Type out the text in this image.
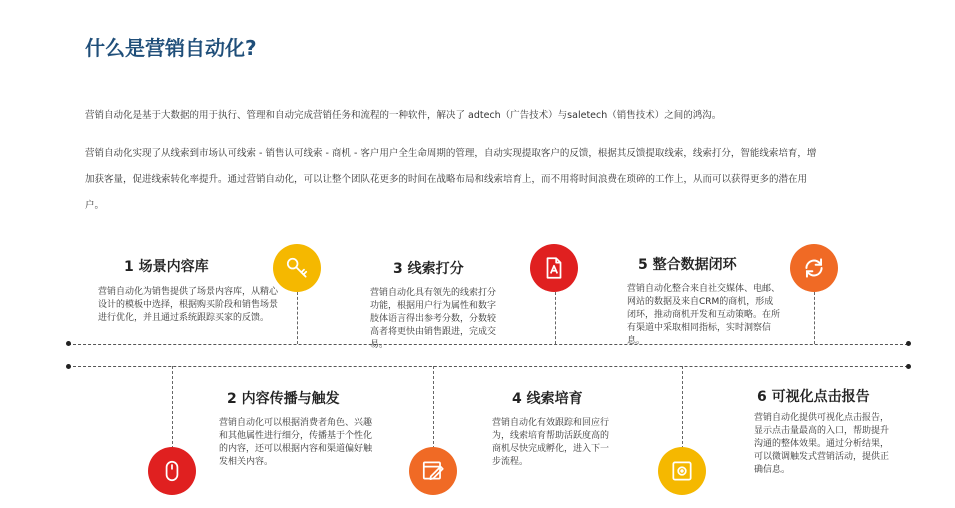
什么是营销自动化?
营销自动化是基于大数据的用于执行、管理和自动完成营销任务和流程的一种软件，解决了 adtech（广告技术）与saletech（销售技术）之间的鸿沟。
营销自动化实现了从线索到市场认可线索 - 销售认可线索 - 商机 - 客户用户全生命周期的管理，自动实现提取客户的反馈，根据其反馈提取线索，线索打分，智能线索培育，增加获客量，促进线索转化率提升。通过营销自动化，可以让整个团队花更多的时间在战略布局和线索培育上，而不用将时间浪费在琐碎的工作上，从而可以获得更多的潜在用户。
1 场景内容库
营销自动化为销售提供了场景内容库，从精心设计的模板中选择，根据购买阶段和销售场景进行优化，并且通过系统跟踪买家的反馈。
2 内容传播与触发
营销自动化可以根据消费者角色、兴趣和其他属性进行细分，传播基于个性化的内容，还可以根据内容和渠道偏好触发相关内容。
3 线索打分
营销自动化具有领先的线索打分功能，根据用户行为属性和数字肢体语言得出参考分数，分数较高者将更快由销售跟进，完成交易。
4 线索培育
营销自动化有效跟踪和回应行为，线索培育帮助活跃度高的商机尽快完成孵化，进入下一步流程。
5 整合数据闭环
营销自动化整合来自社交媒体、电邮、网站的数据及来自CRM的商机，形成闭环，推动商机开发和互动策略。在所有渠道中采取相同指标，实时洞察信息。
6 可视化点击报告
营销自动化提供可视化点击报告，显示点击量最高的入口，帮助提升沟通的整体效果。通过分析结果，可以微调触发式营销活动，提供正确信息。
